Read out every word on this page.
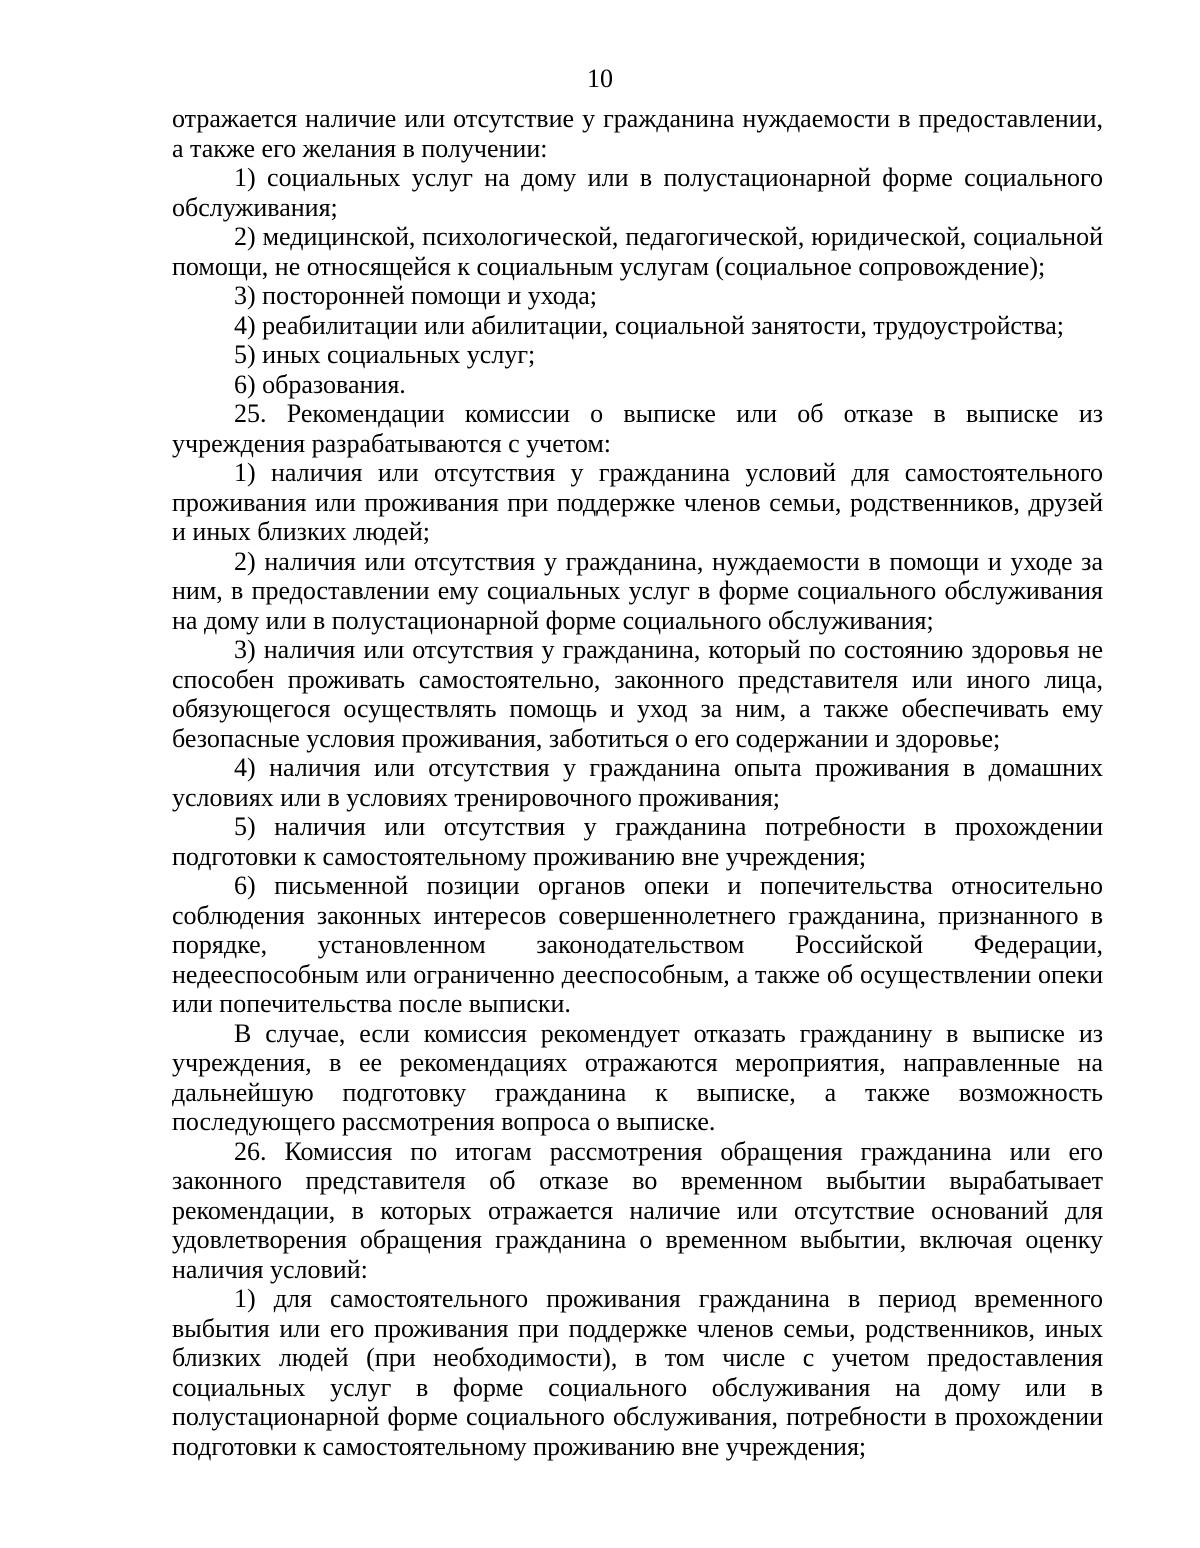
10

отражается наличие или отсутствие у гражданина нуждаемости в предоставлении, а также его желания в получении:

1) социальных услуг на дому или в полустационарной форме социального обслуживания;

2) медицинской, психологической, педагогической, юридической, социальной помощи, не относящейся к социальным услугам (социальное сопровождение);

3) посторонней помощи и ухода;

4) реабилитации или абилитации, социальной занятости, трудоустройства;

5) иных социальных услуг;

6) образования.

25. Рекомендации комиссии о выписке или об отказе в выписке из учреждения разрабатываются с учетом:

1) наличия или отсутствия у гражданина условий для самостоятельного проживания или проживания при поддержке членов семьи, родственников, друзей и иных близких людей;

2) наличия или отсутствия у гражданина, нуждаемости в помощи и уходе за ним, в предоставлении ему социальных услуг в форме социального обслуживания на дому или в полустационарной форме социального обслуживания;

3) наличия или отсутствия у гражданина, который по состоянию здоровья не способен проживать самостоятельно, законного представителя или иного лица, обязующегося осуществлять помощь и уход за ним, а также обеспечивать ему безопасные условия проживания, заботиться о его содержании и здоровье;

4) наличия или отсутствия у гражданина опыта проживания в домашних условиях или в условиях тренировочного проживания;

5) наличия или отсутствия у гражданина потребности в прохождении подготовки к самостоятельному проживанию вне учреждения;

6) письменной позиции органов опеки и попечительства относительно соблюдения законных интересов совершеннолетнего гражданина, признанного в порядке, установленном законодательством Российской Федерации, недееспособным или ограниченно дееспособным, а также об осуществлении опеки или попечительства после выписки.

В случае, если комиссия рекомендует отказать гражданину в выписке из учреждения, в ее рекомендациях отражаются мероприятия, направленные на дальнейшую подготовку гражданина к выписке, а также возможность последующего рассмотрения вопроса о выписке.

26. Комиссия по итогам рассмотрения обращения гражданина или его законного представителя об отказе во временном выбытии вырабатывает рекомендации, в которых отражается наличие или отсутствие оснований для удовлетворения обращения гражданина о временном выбытии, включая оценку наличия условий:

1) для самостоятельного проживания гражданина в период временного выбытия или его проживания при поддержке членов семьи, родственников, иных близких людей (при необходимости), в том числе с учетом предоставления социальных услуг в форме социального обслуживания на дому или в полустационарной форме социального обслуживания, потребности в прохождении подготовки к самостоятельному проживанию вне учреждения;
